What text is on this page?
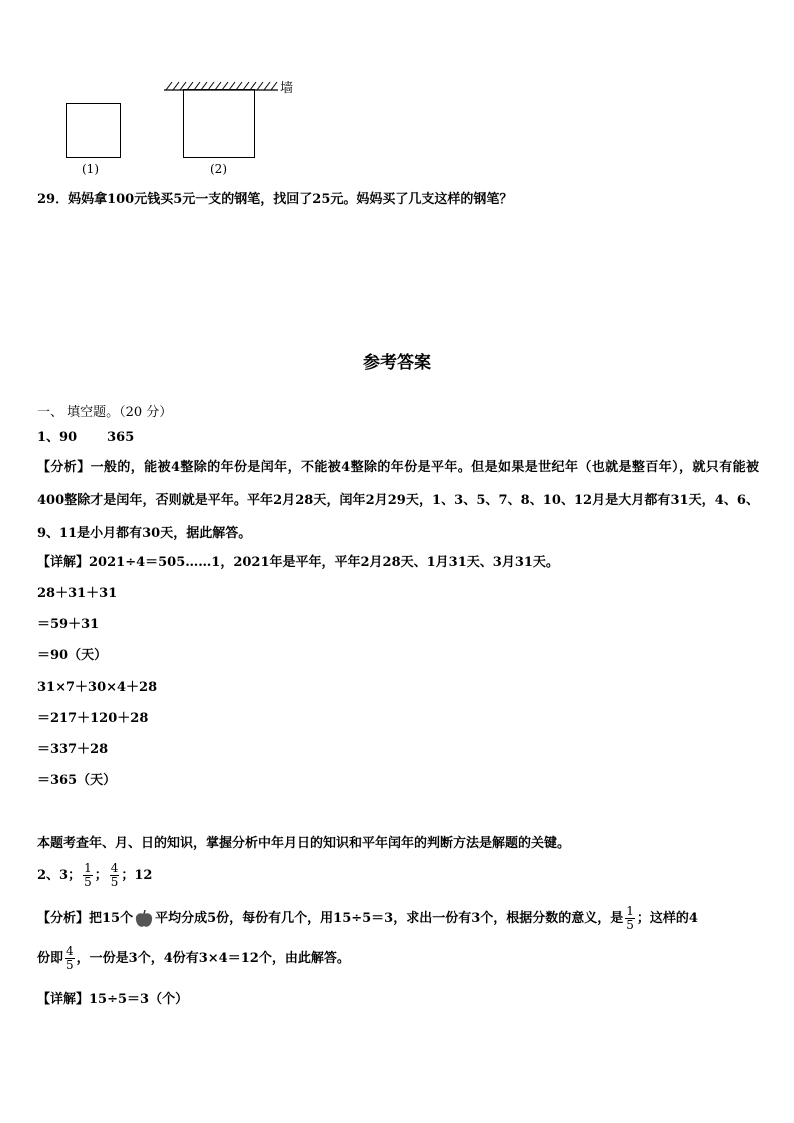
墙
(1)	(2)
29．妈妈拿100元钱买5元一支的钢笔，找回了25元。妈妈买了几支这样的钢笔？
参考答案
一、 填空题。（20 分）
1、90 365
【分析】一般的，能被4整除的年份是闰年，不能被4整除的年份是平年。但是如果是世纪年（也就是整百年），就只有能被400整除才是闰年，否则就是平年。平年2月28天，闰年2月29天，1、3、5、7、8、10、12月是大月都有31天，4、6、9、11是小月都有30天，据此解答。
【详解】2021÷4＝505……1，2021年是平年，平年2月28天、1月31天、3月31天。
28＋31＋31
＝59＋31
＝90（天）
31×7＋30×4＋28
＝217＋120＋28
＝337＋28
＝365（天）
本题考查年、月、日的知识，掌握分析中年月日的知识和平年闰年的判断方法是解题的关键。
2、3； $\frac{1}{5}$ ； $\frac{4}{5}$ ；12
【分析】把15个 平均分成5份，每份有几个，用15÷5＝3，求出一份有3个，根据分数的意义，是 $\frac{1}{5}$ ；这样的4
份即 $\frac{4}{5}$ ，一份是3个，4份有3×4＝12个，由此解答。
【详解】15÷5＝3（个）
